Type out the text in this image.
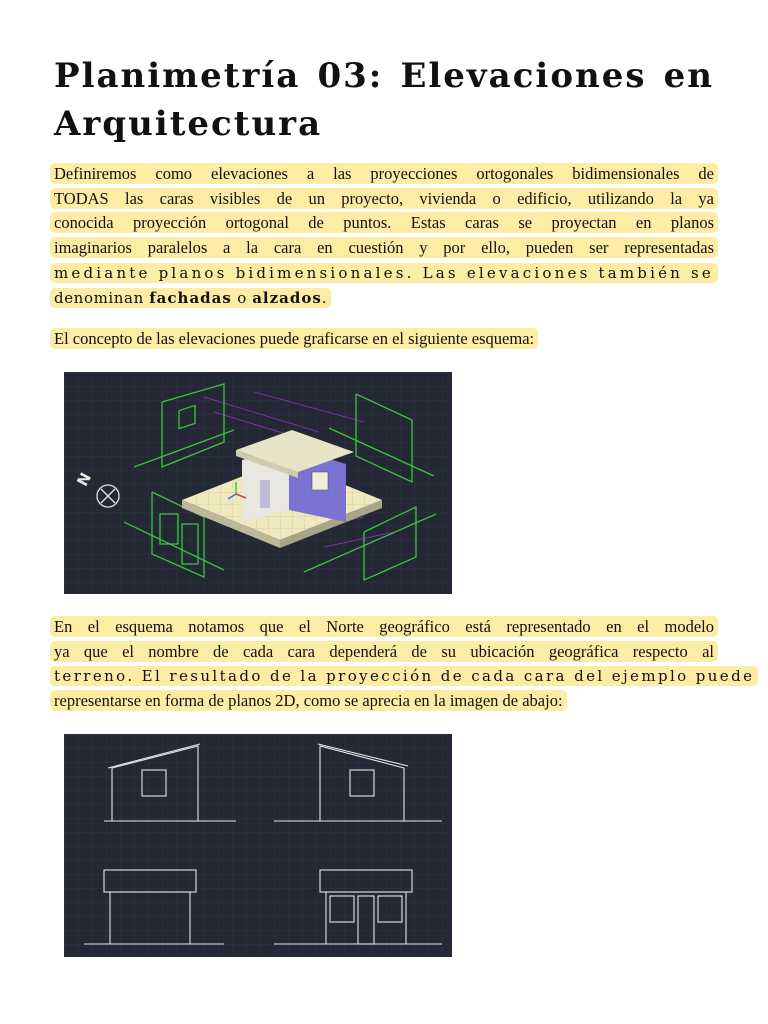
Planimetría 03: Elevaciones en Arquitectura
Definiremos como elevaciones a las proyecciones ortogonales bidimensionales de
TODAS las caras visibles de un proyecto, vivienda o edificio, utilizando la ya
conocida proyección ortogonal de puntos. Estas caras se proyectan en planos
imaginarios paralelos a la cara en cuestión y por ello, pueden ser representadas
mediante planos bidimensionales. Las elevaciones también se
denominan fachadas o alzados.
El concepto de las elevaciones puede graficarse en el siguiente esquema:
N
En el esquema notamos que el Norte geográfico está representado en el modelo
ya que el nombre de cada cara dependerá de su ubicación geográfica respecto al
terreno. El resultado de la proyección de cada cara del ejemplo puede
representarse en forma de planos 2D, como se aprecia en la imagen de abajo:
